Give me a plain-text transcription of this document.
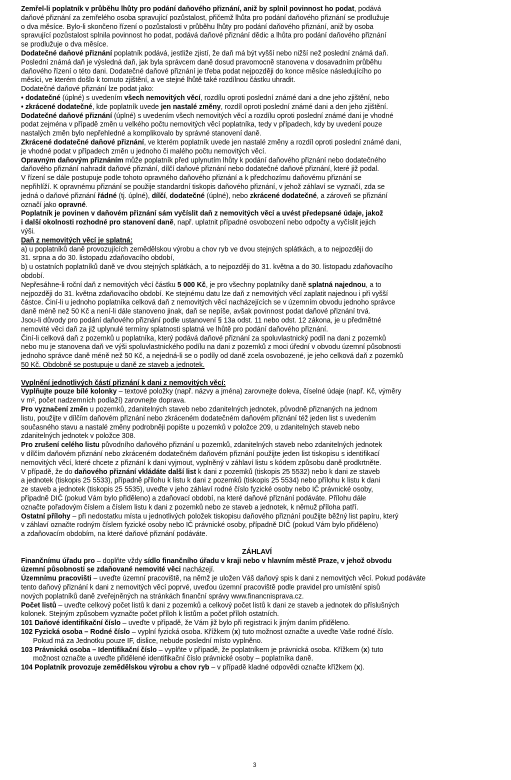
Zemřel-li poplatník v průběhu lhůty pro podání daňového přiznání, aniž by splnil povinnost ho podat, podává
daňové přiznání za zemřelého osoba spravující pozůstalost, přičemž lhůta pro podání daňového přiznání se prodlužuje
o dva měsíce. Bylo-li skončeno řízení o pozůstalosti v průběhu lhůty pro podání daňového přiznání, aniž by osoba
spravující pozůstalost splnila povinnost ho podat, podává daňové přiznání dědic a lhůta pro podání daňového přiznání
se prodlužuje o dva měsíce.
Dodatečné daňové přiznání poplatník podává, jestliže zjistí, že daň má být vyšší nebo nižší než poslední známá daň.
Poslední známá daň je výsledná daň, jak byla správcem daně dosud pravomocně stanovena v dosavadním průběhu
daňového řízení o této dani. Dodatečné daňové přiznání je třeba podat nejpozději do konce měsíce následujícího po
měsíci, ve kterém došlo k tomuto zjištění, a ve stejné lhůtě také rozdílnou částku uhradit.
Dodatečné daňové přiznání lze podat jako:
• dodatečné (úplné) s uvedením všech nemovitých věcí, rozdílu oproti poslední známé dani a dne jeho zjištění, nebo
• zkrácené dodatečné, kde poplatník uvede jen nastalé změny, rozdíl oproti poslední známé dani a den jeho zjištění.
Dodatečné daňové přiznání (úplné) s uvedením všech nemovitých věcí a rozdílu oproti poslední známé dani je vhodné
podat zejména v případě změn u velkého počtu nemovitých věcí poplatníka, tedy v případech, kdy by uvedení pouze
nastalých změn bylo nepřehledné a komplikovalo by správné stanovení daně.
Zkrácené dodatečné daňové přiznání, ve kterém poplatník uvede jen nastalé změny a rozdíl oproti poslední známé dani,
je vhodné podat v případech změn u jednoho či malého počtu nemovitých věcí.
Opravným daňovým přiznáním může poplatník před uplynutím lhůty k podání daňového přiznání nebo dodatečného
daňového přiznání nahradit daňové přiznání, dílčí daňové přiznání nebo dodatečné daňové přiznání, které již podal.
V řízení se dále postupuje podle tohoto opravného daňového přiznání a k předchozímu daňovému přiznání se
nepřihlíží. K opravnému přiznání se použije standardní tiskopis daňového přiznání, v jehož záhlaví se vyznačí, zda se
jedná o daňové přiznání řádné (tj. úplné), dílčí, dodatečné (úplné), nebo zkrácené dodatečné, a zároveň se přiznání
označí jako opravné.
Poplatník je povinen v daňovém přiznání sám vyčíslit daň z nemovitých věcí a uvést předepsané údaje, jakož
i další okolnosti rozhodné pro stanovení daně, např. uplatnit případné osvobození nebo odpočty a vyčíslit jejich
výši.
Daň z nemovitých věcí je splatná:
a) u poplatníků daně provozujících zemědělskou výrobu a chov ryb ve dvou stejných splátkách, a to nejpozději do
31. srpna a do 30. listopadu zdaňovacího období,
b) u ostatních poplatníků daně ve dvou stejných splátkách, a to nejpozději do 31. května a do 30. listopadu zdaňovacího
období.
Nepřesáhne-li roční daň z nemovitých věcí částku 5 000 Kč, je pro všechny poplatníky daně splatná najednou, a to
nejpozději do 31. května zdaňovacího období. Ke stejnému datu lze daň z nemovitých věcí zaplatit najednou i při vyšší
částce. Činí-li u jednoho poplatníka celková daň z nemovitých věcí nacházejících se v územním obvodu jednoho správce
daně méně než 50 Kč a není-li dále stanoveno jinak, daň se nepíše, avšak povinnost podat daňové přiznání trvá.
Jsou-li důvody pro podání daňového přiznání podle ustanovení § 13a odst. 11 nebo odst. 12 zákona, je u předmětné
nemovité věci daň za již uplynulé termíny splatnosti splatná ve lhůtě pro podání daňového přiznání.
Činí-li celková daň z pozemků u poplatníka, který podává daňové přiznání za spoluvlastnický podíl na dani z pozemků
nebo mu je stanovena daň ve výši spoluvlastnického podílu na dani z pozemků z moci úřední v obvodu územní působnosti
jednoho správce daně méně než 50 Kč, a nejedná-li se o podíly od daně zcela osvobozené, je jeho celková daň z pozemků
50 Kč. Obdobně se postupuje u daně ze staveb a jednotek.
Vyplnění jednotlivých částí přiznání k dani z nemovitých věcí:
Vyplňujte pouze bílé kolonky – textové položky (např. názvy a jména) zarovnejte doleva, číselné údaje (např. Kč, výměry
v m², počet nadzemních podlaží) zarovnejte doprava.
Pro vyznačení změn u pozemků, zdanitelných staveb nebo zdanitelných jednotek, původně přiznaných na jednom
listu, použijte v dílčím daňovém přiznání nebo zkráceném dodatečném daňovém přiznání též jeden list s uvedením
současného stavu a nastalé změny podrobněji popište u pozemků v položce 209, u zdanitelných staveb nebo
zdanitelných jednotek v položce 308.
Pro zrušení celého listu původního daňového přiznání u pozemků, zdanitelných staveb nebo zdanitelných jednotek
v dílčím daňovém přiznání nebo zkráceném dodatečném daňovém přiznání použijte jeden list tiskopisu s identifikací
nemovitých věcí, které chcete z přiznání k dani vyjmout, vyplněný v záhlaví listu s kódem způsobu daně prodkrtněte.
V případě, že do daňového přiznání vkládáte další list k dani z pozemků (tiskopis 25 5532) nebo k dani ze staveb
a jednotek (tiskopis 25 5533), případně přílohu k listu k dani z pozemků (tiskopis 25 5534) nebo přílohu k listu k dani
ze staveb a jednotek (tiskopis 25 5535), uveďte v jeho záhlaví rodné číslo fyzické osoby nebo IČ právnické osoby,
případně DIČ (pokud Vám bylo přiděleno) a zdaňovací období, na které daňové přiznání podáváte. Přílohu dále
označte pořadovým číslem a číslem listu k dani z pozemků nebo ze staveb a jednotek, k němuž příloha patří.
Ostatní přílohy – při nedostatku místa u jednotlivých položek tiskopisu daňového přiznání použijte běžný list papíru, který
v záhlaví označte rodným číslem fyzické osoby nebo IČ právnické osoby, případně DIČ (pokud Vám bylo přiděleno)
a zdaňovacím obdobím, na které daňové přiznání podáváte.
ZÁHLAVÍ
Finančnímu úřadu pro – doplňte vždy sídlo finančního úřadu v kraji nebo v hlavním městě Praze, v jehož obvodu
územní působnosti se zdaňované nemovité věci nacházejí.
Územnímu pracovišti – uveďte územní pracoviště, na němž je uložen Váš daňový spis k dani z nemovitých věcí. Pokud podáváte
tento daňový přiznání k dani z nemovitých věcí poprvé, uveďou územní pracoviště podle pravidel pro umístění spisů
nových poplatníků daně zveřejněných na stránkách finanční správy www.financnisprava.cz.
Počet listů – uveďte celkový počet listů k dani z pozemků a celkový počet listů k dani ze staveb a jednotek do příslušných
kolonek. Stejným způsobem vyznačte počet příloh k listům a počet příloh ostatních.
101 Daňové identifikační číslo – uveďte v případě, že Vám již bylo při registraci k jiným daním přiděleno.
102 Fyzická osoba – Rodné číslo – vyplní fyzická osoba. Křížkem (x) tuto možnost označte a uveďte Vaše rodné číslo.
Pokud má za Jednotku pouze IF, dislice, nebude poslední místo vyplněno.
103 Právnická osoba – Identifikační číslo – vyplňte v případě, že poplatníkem je právnická osoba. Křížkem (x) tuto
možnost označte a uveďte přidělené identifikační číslo právnické osoby – poplatníka daně.
104 Poplatník provozuje zemědělskou výrobu a chov ryb – v případě kladné odpovědi označte křížkem (x).
3
